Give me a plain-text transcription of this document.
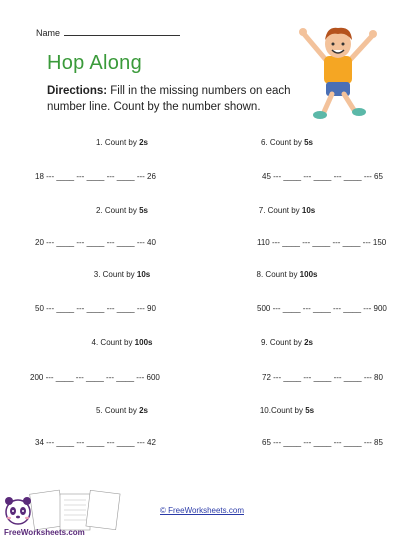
Name
Hop Along
Directions: Fill in the missing numbers on each number line. Count by the number shown.
1. Count by 2s
18 --- ____ --- ____ --- ____ --- 26
6. Count by 5s
45 --- ____ --- ____ --- ____ --- 65
2. Count by 5s
20 --- ____ --- ____ --- ____ --- 40
7. Count by 10s
110 --- ____ --- ____ --- ____ --- 150
3. Count by 10s
50 --- ____ --- ____ --- ____ --- 90
8. Count by 100s
500 --- ____ --- ____ --- ____ --- 900
4. Count by 100s
200 --- ____ --- ____ --- ____ --- 600
9. Count by 2s
72 --- ____ --- ____ --- ____ --- 80
5. Count by 2s
34 --- ____ --- ____ --- ____ --- 42
10.Count by 5s
65 --- ____ --- ____ --- ____ --- 85
FreeWorksheets.com
© FreeWorksheets.com
